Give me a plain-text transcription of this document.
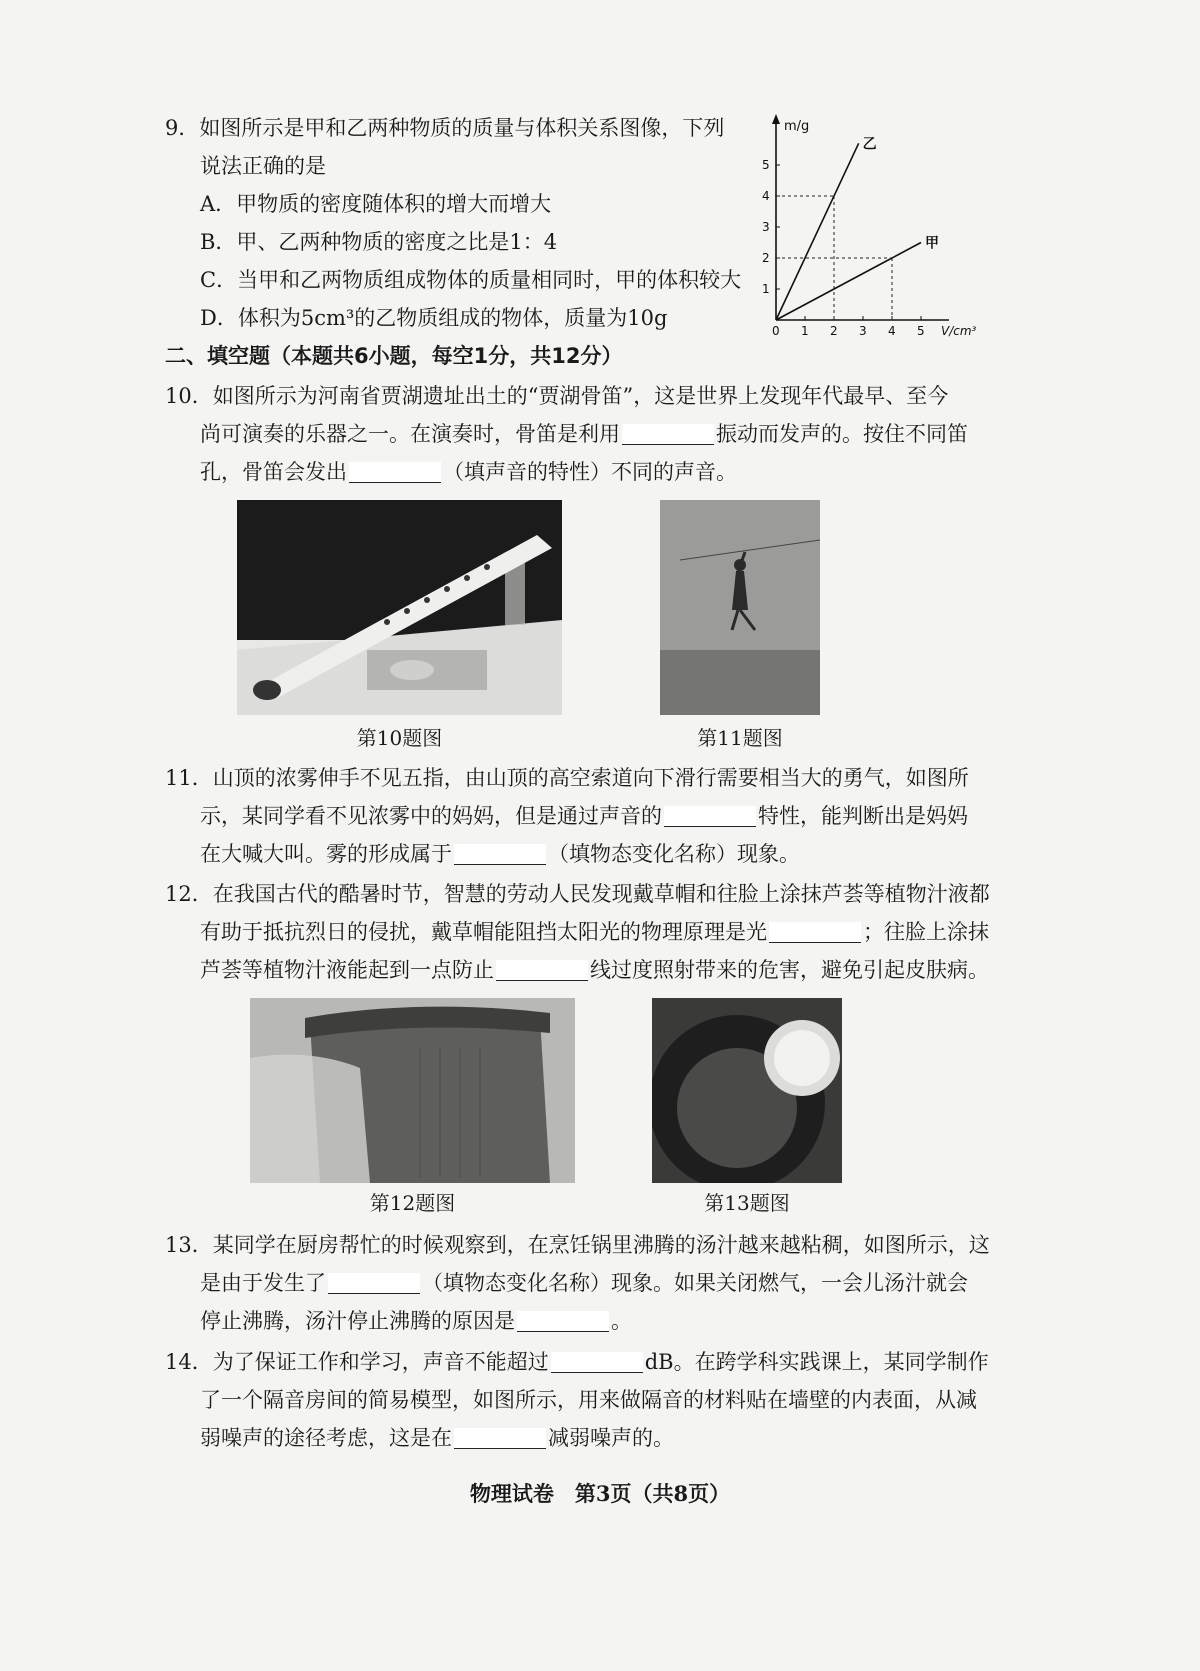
9．如图所示是甲和乙两种物质的质量与体积关系图像，下列
说法正确的是
A．甲物质的密度随体积的增大而增大
B．甲、乙两种物质的密度之比是1：4
C．当甲和乙两物质组成物体的质量相同时，甲的体积较大
D．体积为5cm³的乙物质组成的物体，质量为10g
m/g
V/cm³
0 1 2 3 4 5
1
2
3
4
5
乙
甲
二、填空题（本题共6小题，每空1分，共12分）
10．如图所示为河南省贾湖遗址出土的“贾湖骨笛”，这是世界上发现年代最早、至今
尚可演奏的乐器之一。在演奏时，骨笛是利用	振动而发声的。按住不同笛
孔，骨笛会发出	（填声音的特性）不同的声音。
第10题图	第11题图
11．山顶的浓雾伸手不见五指，由山顶的高空索道向下滑行需要相当大的勇气，如图所
示，某同学看不见浓雾中的妈妈，但是通过声音的	特性，能判断出是妈妈
在大喊大叫。雾的形成属于	（填物态变化名称）现象。
12．在我国古代的酷暑时节，智慧的劳动人民发现戴草帽和往脸上涂抹芦荟等植物汁液都
有助于抵抗烈日的侵扰，戴草帽能阻挡太阳光的物理原理是光	；往脸上涂抹
芦荟等植物汁液能起到一点防止	线过度照射带来的危害，避免引起皮肤病。
第12题图	第13题图
13．某同学在厨房帮忙的时候观察到，在烹饪锅里沸腾的汤汁越来越粘稠，如图所示，这
是由于发生了	（填物态变化名称）现象。如果关闭燃气，一会儿汤汁就会
停止沸腾，汤汁停止沸腾的原因是	。
14．为了保证工作和学习，声音不能超过	dB。在跨学科实践课上，某同学制作
了一个隔音房间的简易模型，如图所示，用来做隔音的材料贴在墙壁的内表面，从减
弱噪声的途径考虑，这是在	减弱噪声的。
物理试卷　第3页（共8页）
